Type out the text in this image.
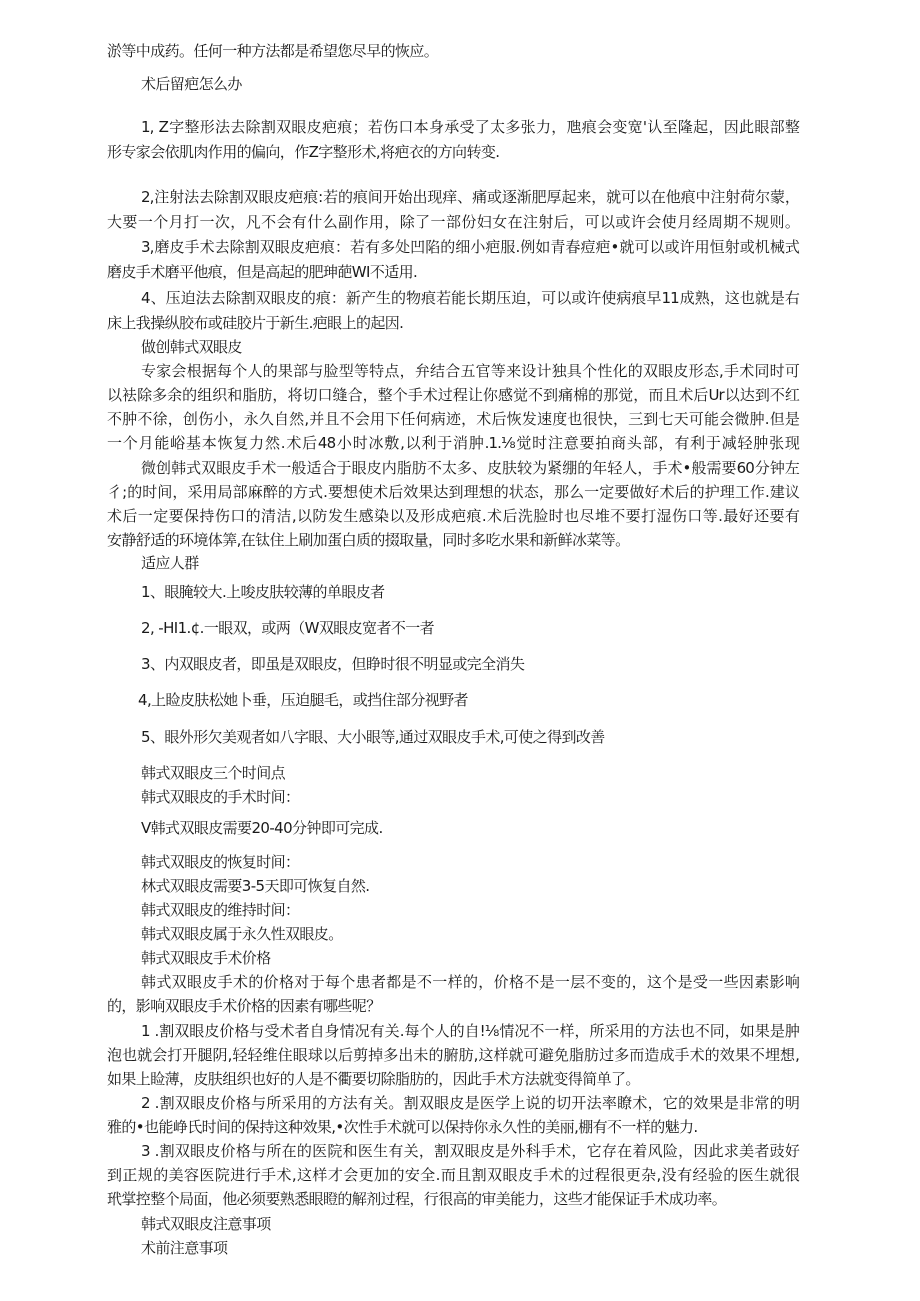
淤等中成药。任何一种方法都是希望您尽早的恢应。
术后留疤怎么办
1, Z字整形法去除割双眼皮疤痕；若伤口本身承受了太多张力，虺痕会变宽'认至隆起，因此眼部整
形专家会依肌肉作用的偏向，作Z字整形术,将疤衣的方向转变.
2,注射法去除割双眼皮疤痕:若的痕间开始出现痒、痛或逐渐肥厚起来，就可以在他痕中注射荷尔蒙，
大要一个月打一次，凡不会有什么副作用，除了一部份妇女在注射后，可以或许会使月经周期不规则。
3,磨皮手术去除割双眼皮疤痕：若有多处凹陷的细小疤服.例如青春痘疤•就可以或许用恒射或机械式
磨皮手术磨平他痕，但是高起的肥珅葩WI不适用.
4、压迫法去除割双眼皮的痕：新产生的物痕若能长期压迫，可以或许使病痕早11成熟，这也就是右
床上我操纵胶布或硅胶片于新生.疤眼上的起因.
做创韩式双眼皮
专家会根据每个人的果部与脸型等特点，弁结合五官等来设计独具个性化的双眼皮形态,手术同时可
以袪除多余的组织和脂肪，将切口缝合，整个手术过程让你感觉不到痛棉的那觉，而且术后Ur以达到不红
不肿不徐，创伤小，永久自然,并且不会用下任何病迹，术后恢发速度也很快，三到七天可能会微肿.但是
一个月能峪基本恢复力然.术后48小时冰敷,以利于消肿.1.⅛觉时注意要拍商头部，有利于减轻肿张现
微创韩式双眼皮手术一般适合于眼皮内脂肪不太多、皮肤较为紧绷的年轻人，手术•般需要60分钟左
彳;的时间，采用局部麻醉的方式.要想使术后效果达到理想的状态，那么一定要做好术后的护理工作.建议
术后一定要保持伤口的清洁,以防发生感染以及形成疤痕.术后洗脸时也尽堆不要打湿伤口等.最好还要有
安静舒适的环境体筭,在钛住上刷加蛋白质的掇取量，同时多吃水果和新鲜冰菜等。
适应人群
1、眼腌较大.上唆皮肤较薄的单眼皮者
2, -HI1.¢.一眼双，或两（W双眼皮宽者不一者
3、内双眼皮者，即虽是双眼皮，但睁时很不明显或完全消失
4,上睑皮肤松她卜垂，压迫腿毛，或挡住部分视野者
5、眼外形欠美观者如八字眼、大小眼等,通过双眼皮手术,可使之得到改善
韩式双眼皮三个时间点
韩式双眼皮的手术时间：
V韩式双眼皮需要20-40分钟即可完成.
韩式双眼皮的恢复时间：
林式双眼皮需要3-5天即可恢复自然.
韩式双眼皮的维持时间：
韩式双眼皮属于永久性双眼皮。
韩式双眼皮手术价格
韩式双眼皮手术的价格对于每个患者都是不一样的，价格不是一层不变的，这个是受一些因素影响
的，影响双眼皮手术价格的因素有哪些呢？
1 .割双眼皮价格与受术者自身情况有关.每个人的自!⅛情况不一样，所采用的方法也不同，如果是肿
泡也就会打开腿阴,轻轻维住眼球以后剪掉多出未的腑肪,这样就可避免脂肪过多而造成手术的效果不埋想,
如果上睑薄，皮肤组织也好的人是不衢要切除脂肪的，因此手术方法就变得简单了。
2 .割双眼皮价格与所采用的方法有关。割双眼皮是医学上说的切开法率瞭术，它的效果是非常的明
雅的•也能峥氏时间的保持这种效果,•次性手术就可以保持你永久性的美丽,棚有不一样的魅力.
3 .割双眼皮价格与所在的医院和医生有关，割双眼皮是外科手术，它存在着风险，因此求美者豉好
到正规的美容医院进行手术,这样才会更加的安全.而且割双眼皮手术的过程很更杂,没有经验的医生就很
玳掌控整个局面，他必须要熟悉眼瞪的解剂过程，行很高的审美能力，这些才能保证手术成功率。
韩式双眼皮注意事项
术前注意事项
